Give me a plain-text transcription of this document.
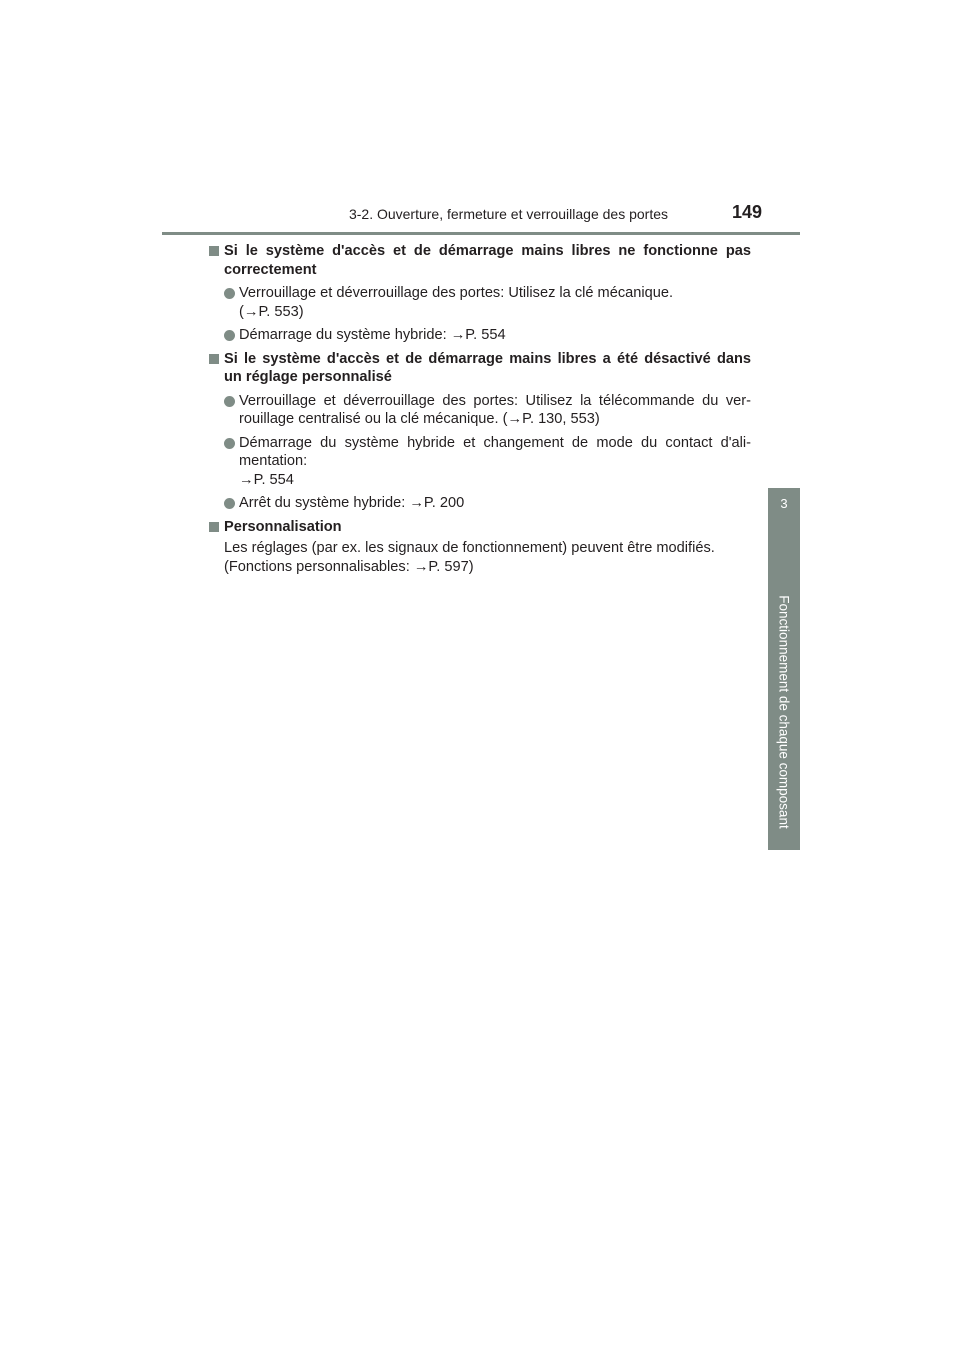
3-2. Ouverture, fermeture et verrouillage des portes	149
3
Fonctionnement de chaque composant
Si le système d'accès et de démarrage mains libres ne fonctionne pas
correctement
Verrouillage et déverrouillage des portes: Utilisez la clé mécanique.
(→P. 553)
Démarrage du système hybride: →P. 554
Si le système d'accès et de démarrage mains libres a été désactivé dans
un réglage personnalisé
Verrouillage et déverrouillage des portes: Utilisez la télécommande du ver-
rouillage centralisé ou la clé mécanique. (→P. 130, 553)
Démarrage du système hybride et changement de mode du contact d'ali-
mentation:
→P. 554
Arrêt du système hybride: →P. 200
Personnalisation
Les réglages (par ex. les signaux de fonctionnement) peuvent être modifiés.
(Fonctions personnalisables: →P. 597)
